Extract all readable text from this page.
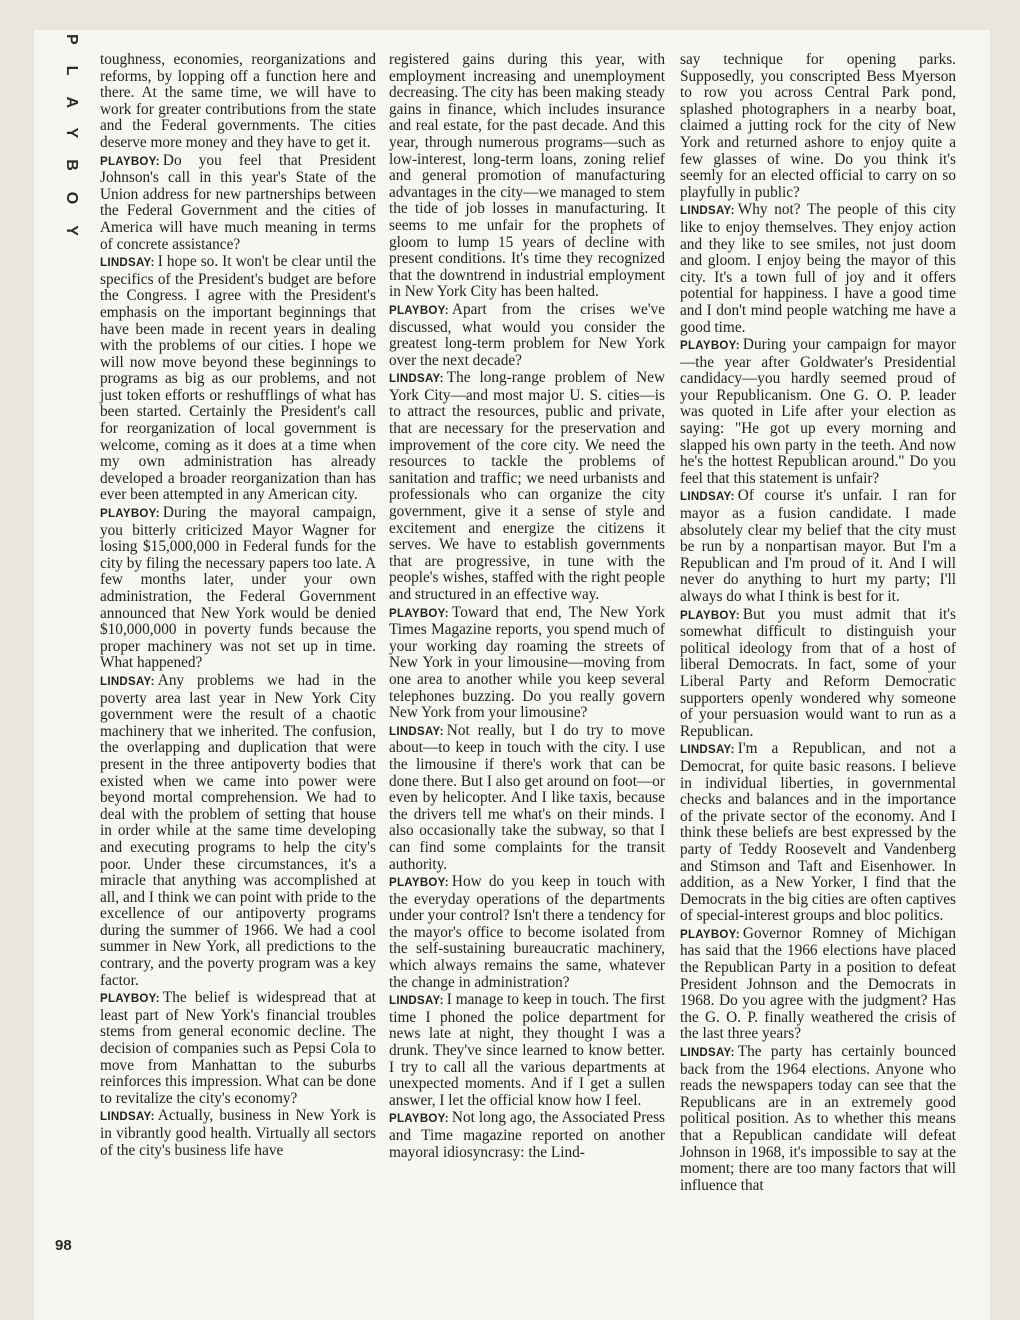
PLAYBOY
98

toughness, economies, reorganizations and reforms, by lopping off a function here and there. At the same time, we will have to work for greater contributions from the state and the Federal governments. The cities deserve more money and they have to get it.

PLAYBOY: Do you feel that President Johnson's call in this year's State of the Union address for new partnerships between the Federal Government and the cities of America will have much meaning in terms of concrete assistance?

LINDSAY: I hope so. It won't be clear until the specifics of the President's budget are before the Congress. I agree with the President's emphasis on the important beginnings that have been made in recent years in dealing with the problems of our cities. I hope we will now move beyond these beginnings to programs as big as our problems, and not just token efforts or reshufflings of what has been started. Certainly the President's call for reorganization of local government is welcome, coming as it does at a time when my own administration has already developed a broader reorganization than has ever been attempted in any American city.

PLAYBOY: During the mayoral campaign, you bitterly criticized Mayor Wagner for losing $15,000,000 in Federal funds for the city by filing the necessary papers too late. A few months later, under your own administration, the Federal Government announced that New York would be denied $10,000,000 in poverty funds because the proper machinery was not set up in time. What happened?

LINDSAY: Any problems we had in the poverty area last year in New York City government were the result of a chaotic machinery that we inherited. The confusion, the overlapping and duplication that were present in the three antipoverty bodies that existed when we came into power were beyond mortal comprehension. We had to deal with the problem of setting that house in order while at the same time developing and executing programs to help the city's poor. Under these circumstances, it's a miracle that anything was accomplished at all, and I think we can point with pride to the excellence of our antipoverty programs during the summer of 1966. We had a cool summer in New York, all predictions to the contrary, and the poverty program was a key factor.

PLAYBOY: The belief is widespread that at least part of New York's financial troubles stems from general economic decline. The decision of companies such as Pepsi Cola to move from Manhattan to the suburbs reinforces this impression. What can be done to revitalize the city's economy?

LINDSAY: Actually, business in New York is in vibrantly good health. Virtually all sectors of the city's business life have

registered gains during this year, with employment increasing and unemployment decreasing. The city has been making steady gains in finance, which includes insurance and real estate, for the past decade. And this year, through numerous programs—such as low-interest, long-term loans, zoning relief and general promotion of manufacturing advantages in the city—we managed to stem the tide of job losses in manufacturing. It seems to me unfair for the prophets of gloom to lump 15 years of decline with present conditions. It's time they recognized that the downtrend in industrial employment in New York City has been halted.

PLAYBOY: Apart from the crises we've discussed, what would you consider the greatest long-term problem for New York over the next decade?

LINDSAY: The long-range problem of New York City—and most major U. S. cities—is to attract the resources, public and private, that are necessary for the preservation and improvement of the core city. We need the resources to tackle the problems of sanitation and traffic; we need urbanists and professionals who can organize the city government, give it a sense of style and excitement and energize the citizens it serves. We have to establish governments that are progressive, in tune with the people's wishes, staffed with the right people and structured in an effective way.

PLAYBOY: Toward that end, The New York Times Magazine reports, you spend much of your working day roaming the streets of New York in your limousine—moving from one area to another while you keep several telephones buzzing. Do you really govern New York from your limousine?

LINDSAY: Not really, but I do try to move about—to keep in touch with the city. I use the limousine if there's work that can be done there. But I also get around on foot—or even by helicopter. And I like taxis, because the drivers tell me what's on their minds. I also occasionally take the subway, so that I can find some complaints for the transit authority.

PLAYBOY: How do you keep in touch with the everyday operations of the departments under your control? Isn't there a tendency for the mayor's office to become isolated from the self-sustaining bureaucratic machinery, which always remains the same, whatever the change in administration?

LINDSAY: I manage to keep in touch. The first time I phoned the police department for news late at night, they thought I was a drunk. They've since learned to know better. I try to call all the various departments at unexpected moments. And if I get a sullen answer, I let the official know how I feel.

PLAYBOY: Not long ago, the Associated Press and Time magazine reported on another mayoral idiosyncrasy: the Lind-

say technique for opening parks. Supposedly, you conscripted Bess Myerson to row you across Central Park pond, splashed photographers in a nearby boat, claimed a jutting rock for the city of New York and returned ashore to enjoy quite a few glasses of wine. Do you think it's seemly for an elected official to carry on so playfully in public?

LINDSAY: Why not? The people of this city like to enjoy themselves. They enjoy action and they like to see smiles, not just doom and gloom. I enjoy being the mayor of this city. It's a town full of joy and it offers potential for happiness. I have a good time and I don't mind people watching me have a good time.

PLAYBOY: During your campaign for mayor—the year after Goldwater's Presidential candidacy—you hardly seemed proud of your Republicanism. One G. O. P. leader was quoted in Life after your election as saying: "He got up every morning and slapped his own party in the teeth. And now he's the hottest Republican around." Do you feel that this statement is unfair?

LINDSAY: Of course it's unfair. I ran for mayor as a fusion candidate. I made absolutely clear my belief that the city must be run by a nonpartisan mayor. But I'm a Republican and I'm proud of it. And I will never do anything to hurt my party; I'll always do what I think is best for it.

PLAYBOY: But you must admit that it's somewhat difficult to distinguish your political ideology from that of a host of liberal Democrats. In fact, some of your Liberal Party and Reform Democratic supporters openly wondered why someone of your persuasion would want to run as a Republican.

LINDSAY: I'm a Republican, and not a Democrat, for quite basic reasons. I believe in individual liberties, in governmental checks and balances and in the importance of the private sector of the economy. And I think these beliefs are best expressed by the party of Teddy Roosevelt and Vandenberg and Stimson and Taft and Eisenhower. In addition, as a New Yorker, I find that the Democrats in the big cities are often captives of special-interest groups and bloc politics.

PLAYBOY: Governor Romney of Michigan has said that the 1966 elections have placed the Republican Party in a position to defeat President Johnson and the Democrats in 1968. Do you agree with the judgment? Has the G. O. P. finally weathered the crisis of the last three years?

LINDSAY: The party has certainly bounced back from the 1964 elections. Anyone who reads the newspapers today can see that the Republicans are in an extremely good political position. As to whether this means that a Republican candidate will defeat Johnson in 1968, it's impossible to say at the moment; there are too many factors that will influence that
